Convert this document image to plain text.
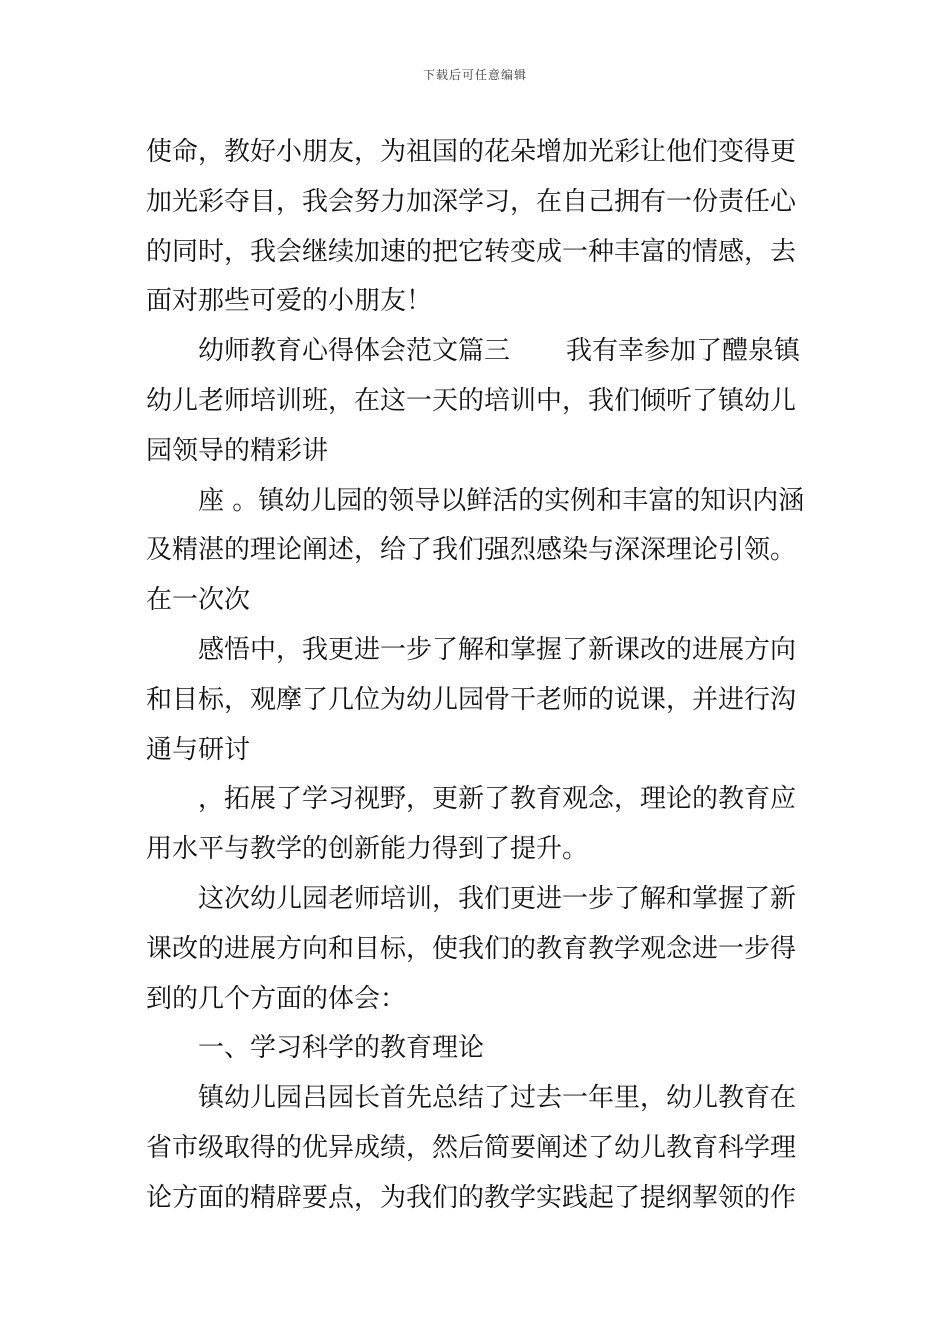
下载后可任意编辑
使命，教好小朋友，为祖国的花朵增加光彩让他们变得更
加光彩夺目，我会努力加深学习，在自己拥有一份责任心
的同时，我会继续加速的把它转变成一种丰富的情感，去
面对那些可爱的小朋友！
幼师教育心得体会范文篇三 我有幸参加了醴泉镇
幼儿老师培训班，在这一天的培训中，我们倾听了镇幼儿
园领导的精彩讲
座 。镇幼儿园的领导以鲜活的实例和丰富的知识内涵
及精湛的理论阐述，给了我们强烈感染与深深理论引领。
在一次次
感悟中，我更进一步了解和掌握了新课改的进展方向
和目标，观摩了几位为幼儿园骨干老师的说课，并进行沟
通与研讨
，拓展了学习视野，更新了教育观念，理论的教育应
用水平与教学的创新能力得到了提升。
这次幼儿园老师培训，我们更进一步了解和掌握了新
课改的进展方向和目标，使我们的教育教学观念进一步得
到的几个方面的体会：
一、学习科学的教育理论
镇幼儿园吕园长首先总结了过去一年里，幼儿教育在
省市级取得的优异成绩，然后简要阐述了幼儿教育科学理
论方面的精辟要点，为我们的教学实践起了提纲挈领的作
